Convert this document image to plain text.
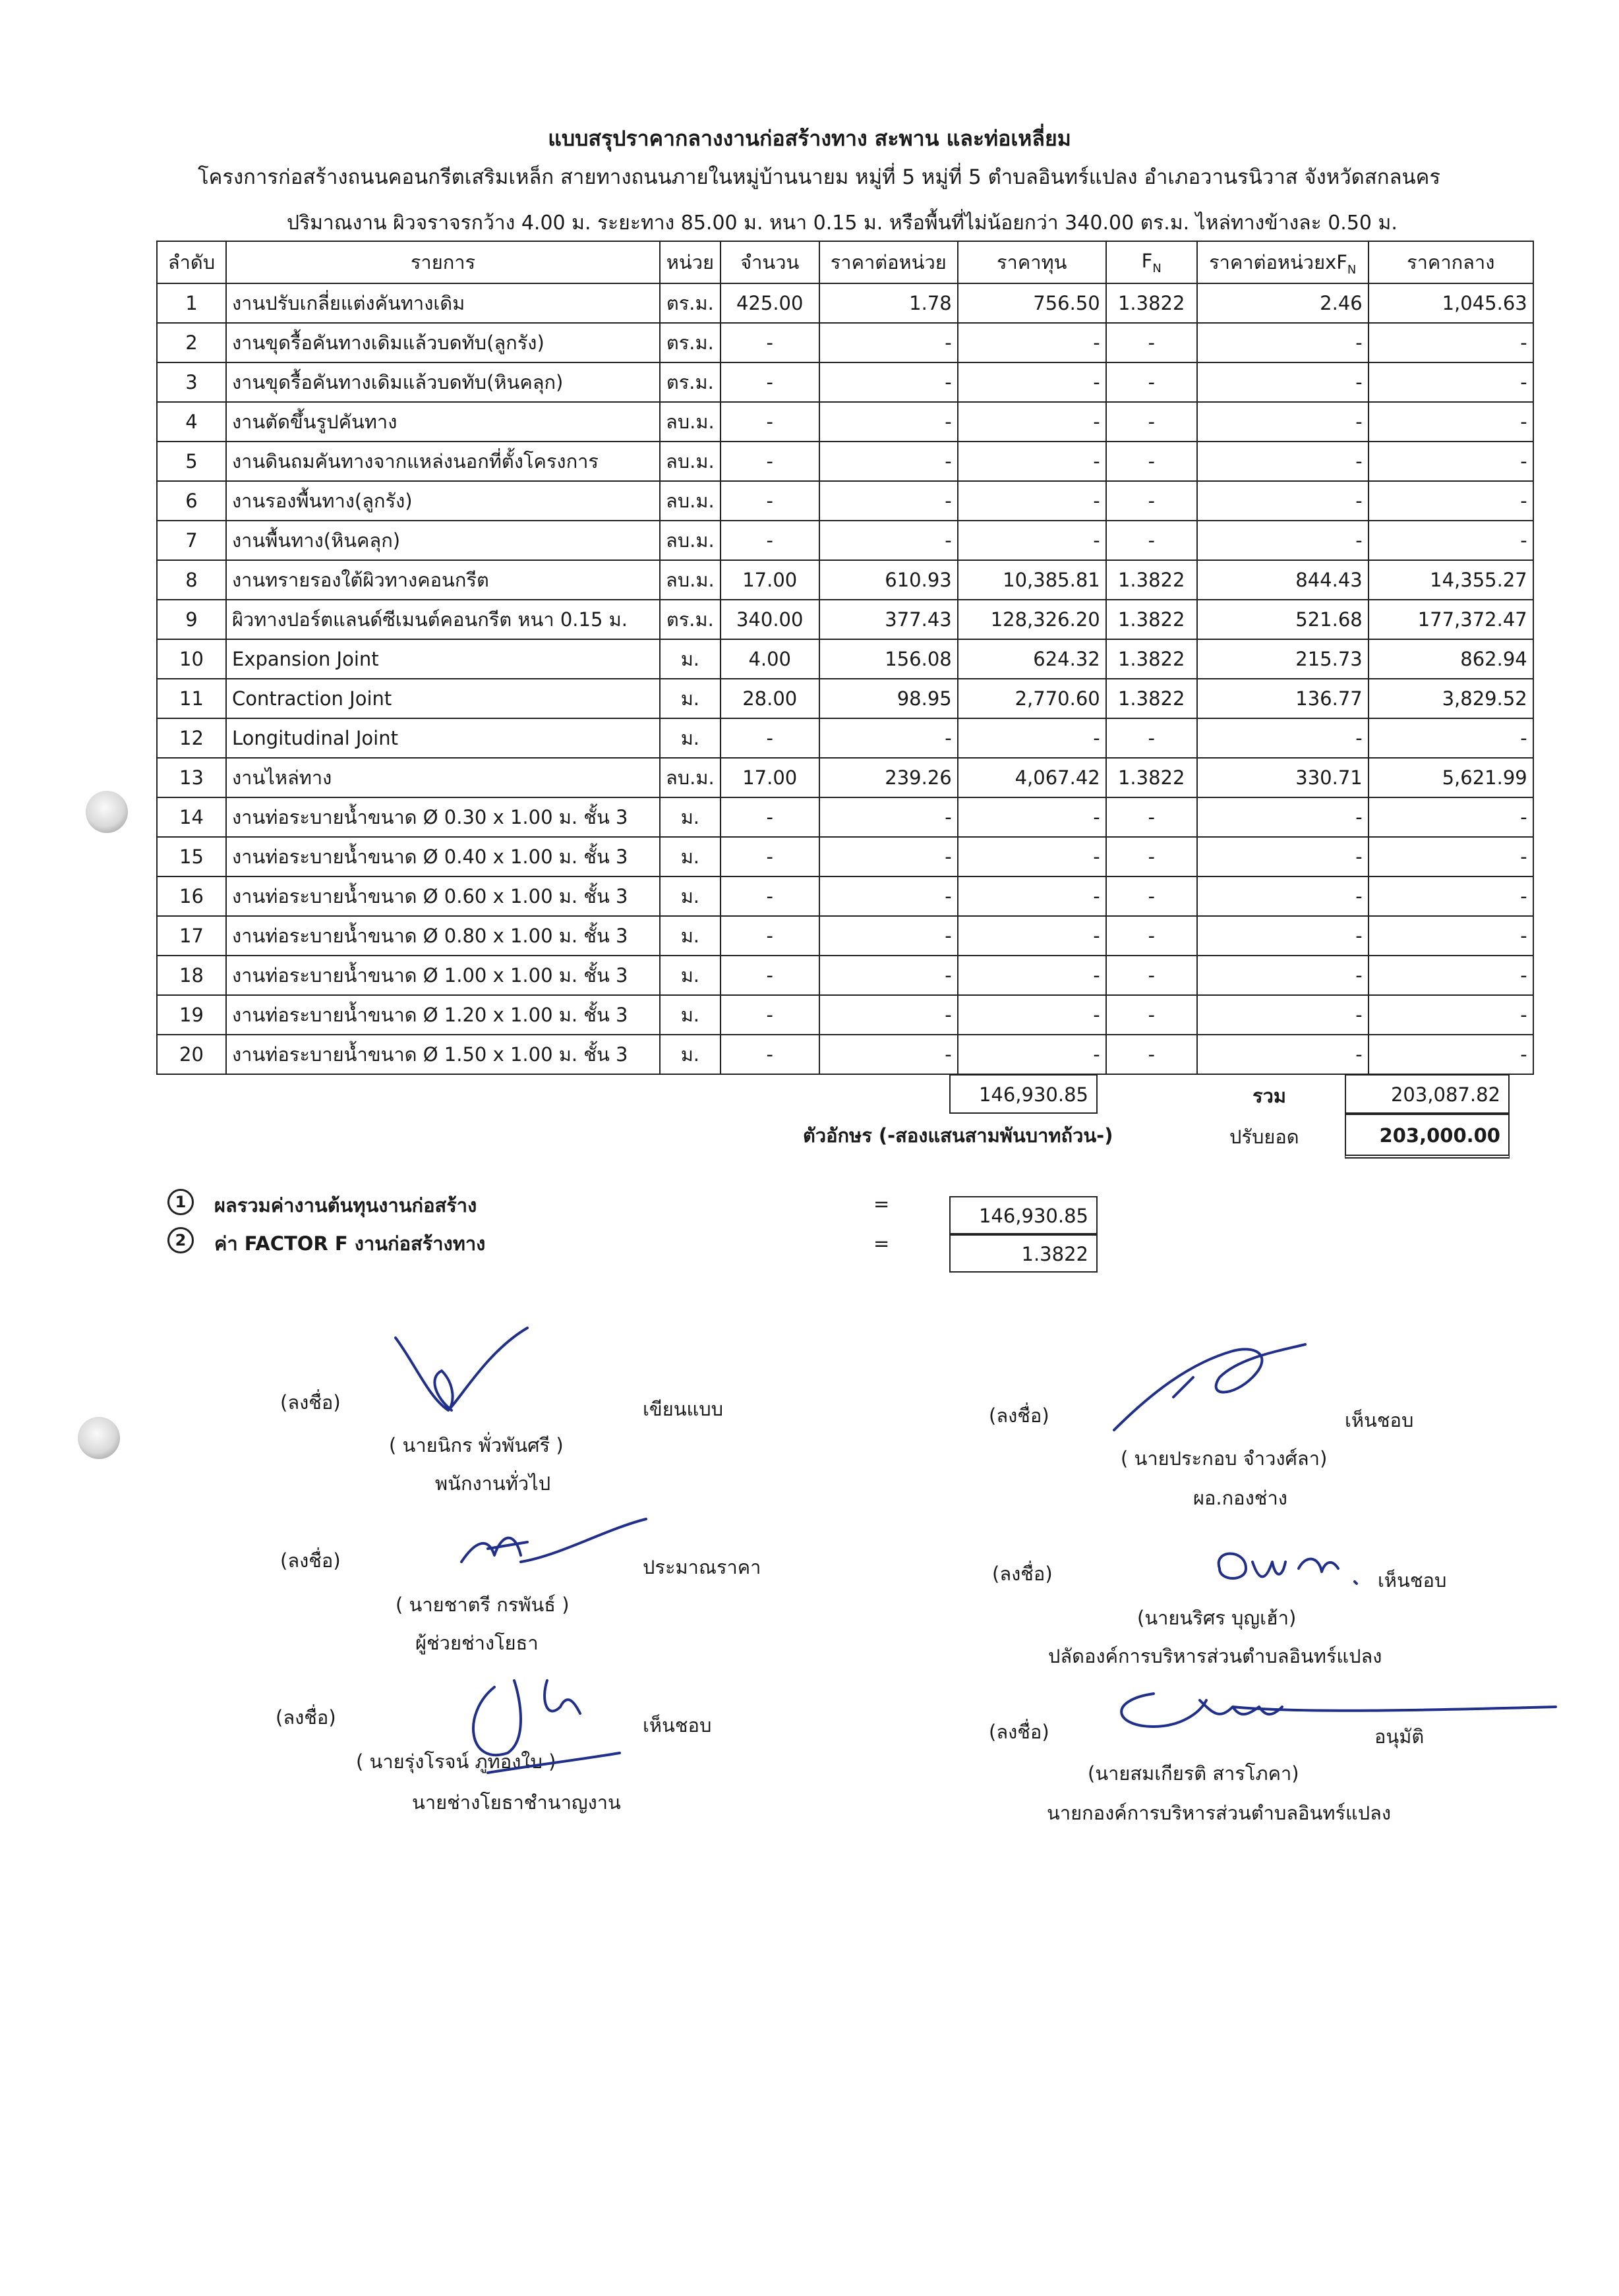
แบบสรุปราคากลางงานก่อสร้างทาง สะพาน และท่อเหลี่ยม
โครงการก่อสร้างถนนคอนกรีตเสริมเหล็ก สายทางถนนภายในหมู่บ้านนายม หมู่ที่ 5 หมู่ที่ 5 ตำบลอินทร์แปลง อำเภอวานรนิวาส จังหวัดสกลนคร
ปริมาณงาน ผิวจราจรกว้าง 4.00 ม. ระยะทาง 85.00 ม. หนา 0.15 ม. หรือพื้นที่ไม่น้อยกว่า 340.00 ตร.ม. ไหล่ทางข้างละ 0.50 ม.
ลำดับ	รายการ	หน่วย	จำนวน	ราคาต่อหน่วย	ราคาทุน	$F_N$	ราคาต่อหน่วย$xF_N$	ราคากลาง
1	งานปรับเกลี่ยแต่งคันทางเดิม	ตร.ม.	425.00	1.78	756.50	1.3822	2.46	1,045.63
2	งานขุดรื้อคันทางเดิมแล้วบดทับ(ลูกรัง)	ตร.ม.	-	-	-	-	-	-
3	งานขุดรื้อคันทางเดิมแล้วบดทับ(หินคลุก)	ตร.ม.	-	-	-	-	-	-
4	งานตัดขึ้นรูปคันทาง	ลบ.ม.	-	-	-	-	-	-
5	งานดินถมคันทางจากแหล่งนอกที่ตั้งโครงการ	ลบ.ม.	-	-	-	-	-	-
6	งานรองพื้นทาง(ลูกรัง)	ลบ.ม.	-	-	-	-	-	-
7	งานพื้นทาง(หินคลุก)	ลบ.ม.	-	-	-	-	-	-
8	งานทรายรองใต้ผิวทางคอนกรีต	ลบ.ม.	17.00	610.93	10,385.81	1.3822	844.43	14,355.27
9	ผิวทางปอร์ตแลนด์ซีเมนต์คอนกรีต หนา 0.15 ม.	ตร.ม.	340.00	377.43	128,326.20	1.3822	521.68	177,372.47
10	Expansion Joint	ม.	4.00	156.08	624.32	1.3822	215.73	862.94
11	Contraction Joint	ม.	28.00	98.95	2,770.60	1.3822	136.77	3,829.52
12	Longitudinal Joint	ม.	-	-	-	-	-	-
13	งานไหล่ทาง	ลบ.ม.	17.00	239.26	4,067.42	1.3822	330.71	5,621.99
14	งานท่อระบายน้ำขนาด Ø 0.30 x 1.00 ม. ชั้น 3	ม.	-	-	-	-	-	-
15	งานท่อระบายน้ำขนาด Ø 0.40 x 1.00 ม. ชั้น 3	ม.	-	-	-	-	-	-
16	งานท่อระบายน้ำขนาด Ø 0.60 x 1.00 ม. ชั้น 3	ม.	-	-	-	-	-	-
17	งานท่อระบายน้ำขนาด Ø 0.80 x 1.00 ม. ชั้น 3	ม.	-	-	-	-	-	-
18	งานท่อระบายน้ำขนาด Ø 1.00 x 1.00 ม. ชั้น 3	ม.	-	-	-	-	-	-
19	งานท่อระบายน้ำขนาด Ø 1.20 x 1.00 ม. ชั้น 3	ม.	-	-	-	-	-	-
20	งานท่อระบายน้ำขนาด Ø 1.50 x 1.00 ม. ชั้น 3	ม.	-	-	-	-	-	-
146,930.85	รวม	203,087.82
ตัวอักษร (-สองแสนสามพันบาทถ้วน-)	ปรับยอด	203,000.00
1	ผลรวมค่างานต้นทุนงานก่อสร้าง	=
146,930.85
2	ค่า FACTOR F งานก่อสร้างทาง	=	1.3822
(ลงชื่อ)	เขียนแบบ
( นายนิกร พั่วพันศรี )
พนักงานทั่วไป
(ลงชื่อ)	ประมาณราคา
( นายชาตรี กรพันธ์ )
ผู้ช่วยช่างโยธา
(ลงชื่อ)	เห็นชอบ
( นายรุ่งโรจน์ ภูทองใบ )
นายช่างโยธาชำนาญงาน
(ลงชื่อ)	เห็นชอบ
( นายประกอบ จำวงศ์ลา)
ผอ.กองช่าง
(ลงชื่อ)	เห็นชอบ
(นายนริศร บุญเฮ้า)
ปลัดองค์การบริหารส่วนตำบลอินทร์แปลง
(ลงชื่อ)	อนุมัติ
(นายสมเกียรติ สารโภคา)
นายกองค์การบริหารส่วนตำบลอินทร์แปลง
